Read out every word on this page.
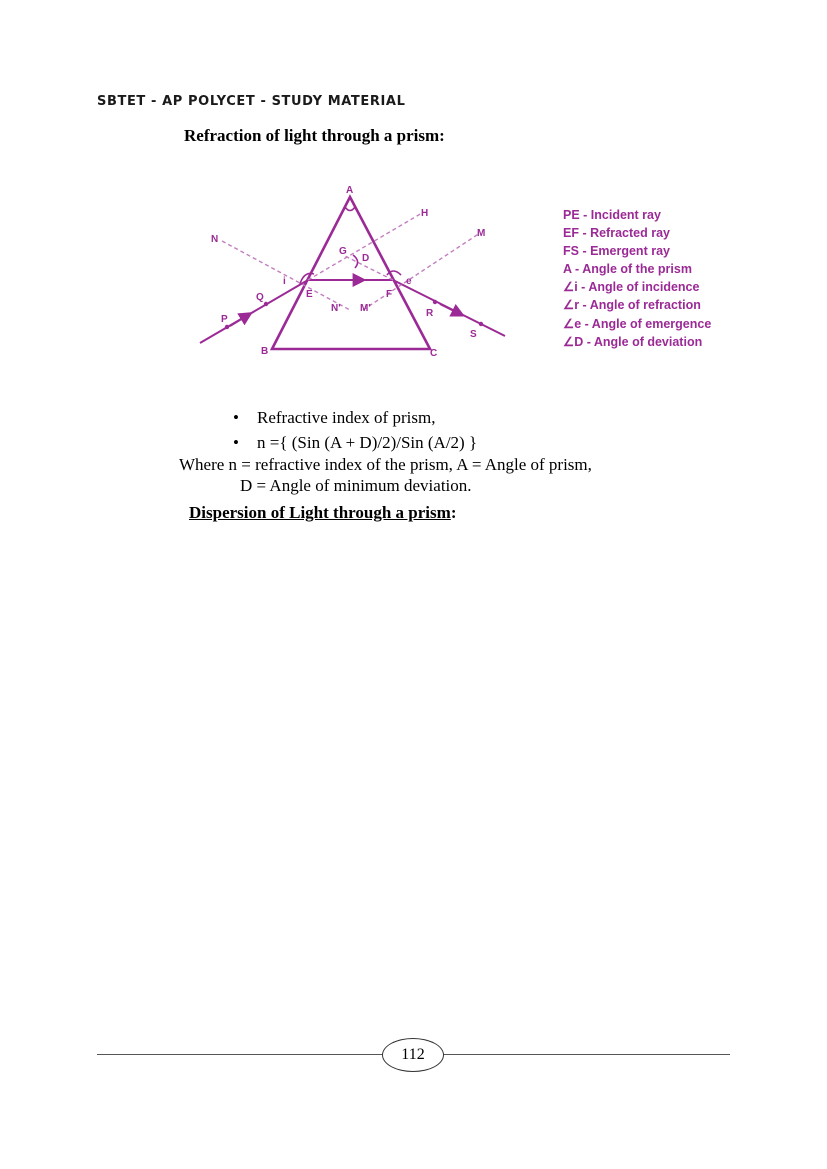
SBTET - AP POLYCET - STUDY MATERIAL
Refraction of light through a prism:
A
B	C
H
M
N
G
D
i
E	F
e
N' M'
P
Q
R
S
PE - Incident ray
EF - Refracted ray
FS - Emergent ray
A - Angle of the prism
∠i - Angle of incidence
∠r - Angle of refraction
∠e - Angle of emergence
∠D - Angle of deviation
• Refractive index of prism,
• n ={ (Sin (A + D)/2)/Sin (A/2) }
Where n = refractive index of the prism, A = Angle of prism,
D = Angle of minimum deviation.
Dispersion of Light through a prism:
112
